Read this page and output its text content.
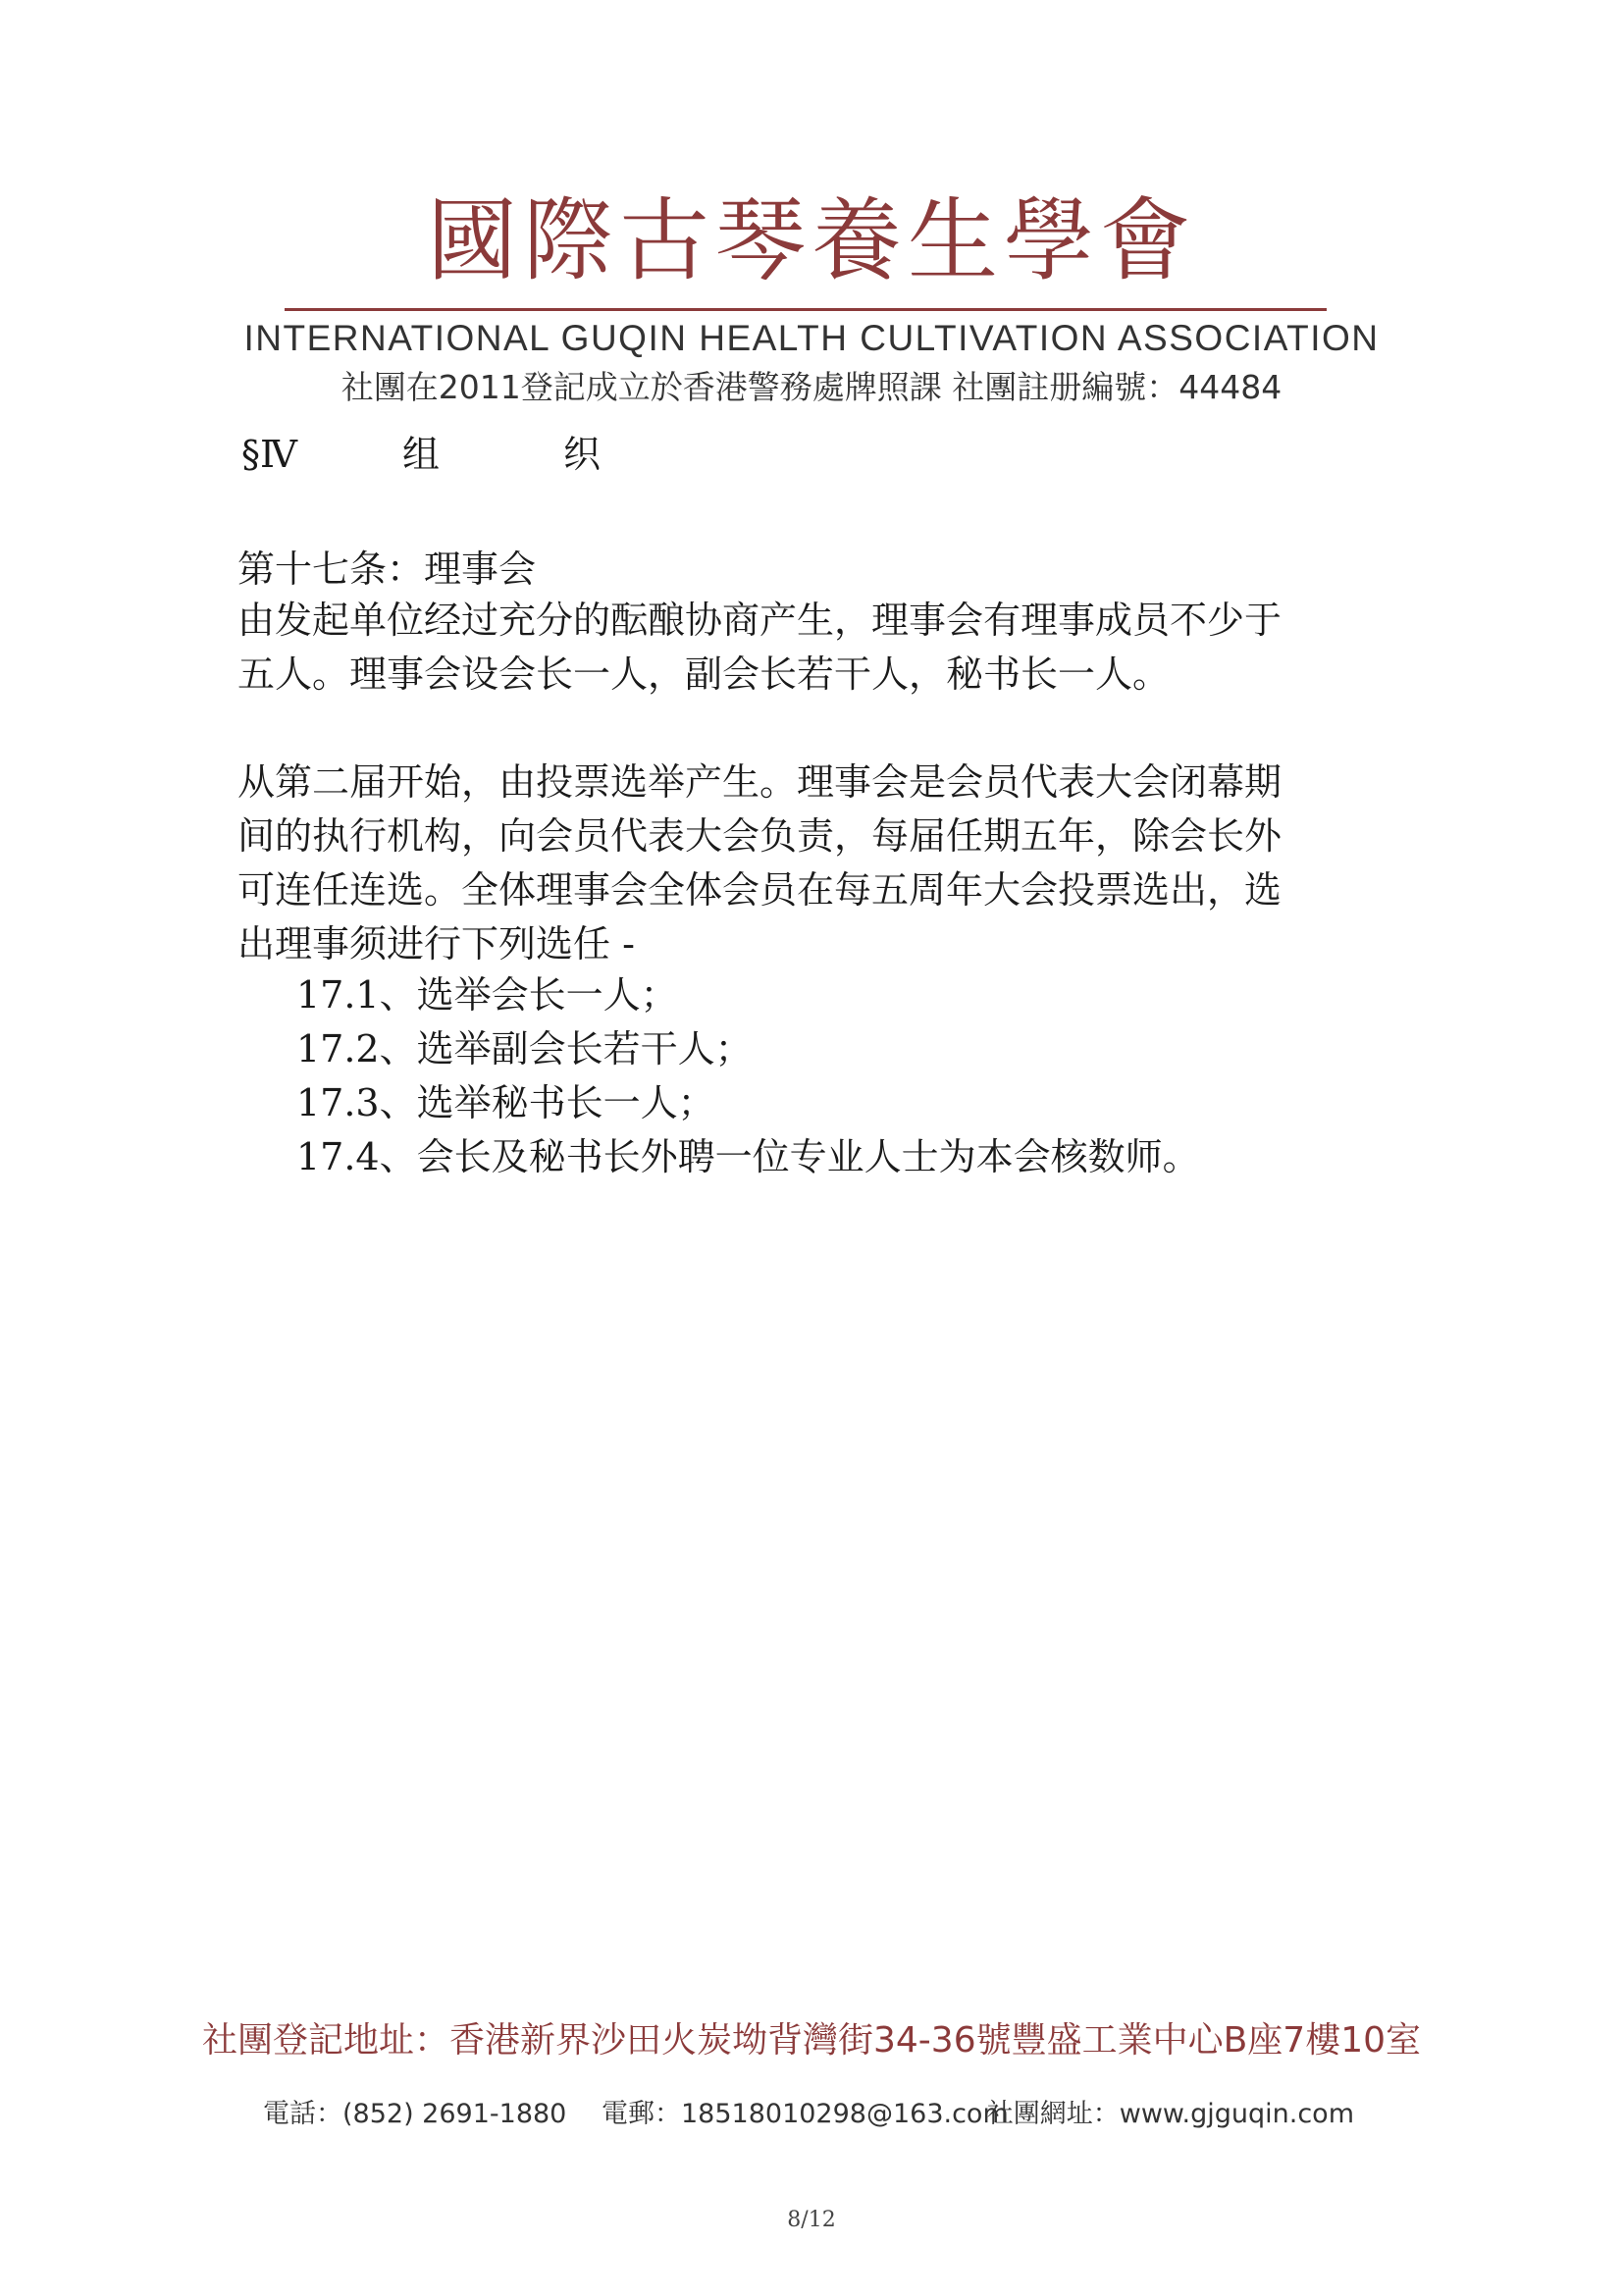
國際古琴養生學會
INTERNATIONAL GUQIN HEALTH CULTIVATION ASSOCIATION
社團在2011登記成立於香港警務處牌照課 社團註册編號：44484
§Ⅳ	组	织
第十七条：理事会
由发起单位经过充分的酝酿协商产生，理事会有理事成员不少于
五人。理事会设会长一人，副会长若干人，秘书长一人。
从第二届开始，由投票选举产生。理事会是会员代表大会闭幕期
间的执行机构，向会员代表大会负责，每届任期五年，除会长外
可连任连选。全体理事会全体会员在每五周年大会投票选出，选
出理事须进行下列选任 -
17.1、选举会长一人；
17.2、选举副会长若干人；
17.3、选举秘书长一人；
17.4、会长及秘书长外聘一位专业人士为本会核数师。
社團登記地址：香港新界沙田火炭坳背灣街34-36號豐盛工業中心B座7樓10室
電話：(852) 2691-1880 電郵：18518010298@163.com
社團網址：www.gjguqin.com
8/12
